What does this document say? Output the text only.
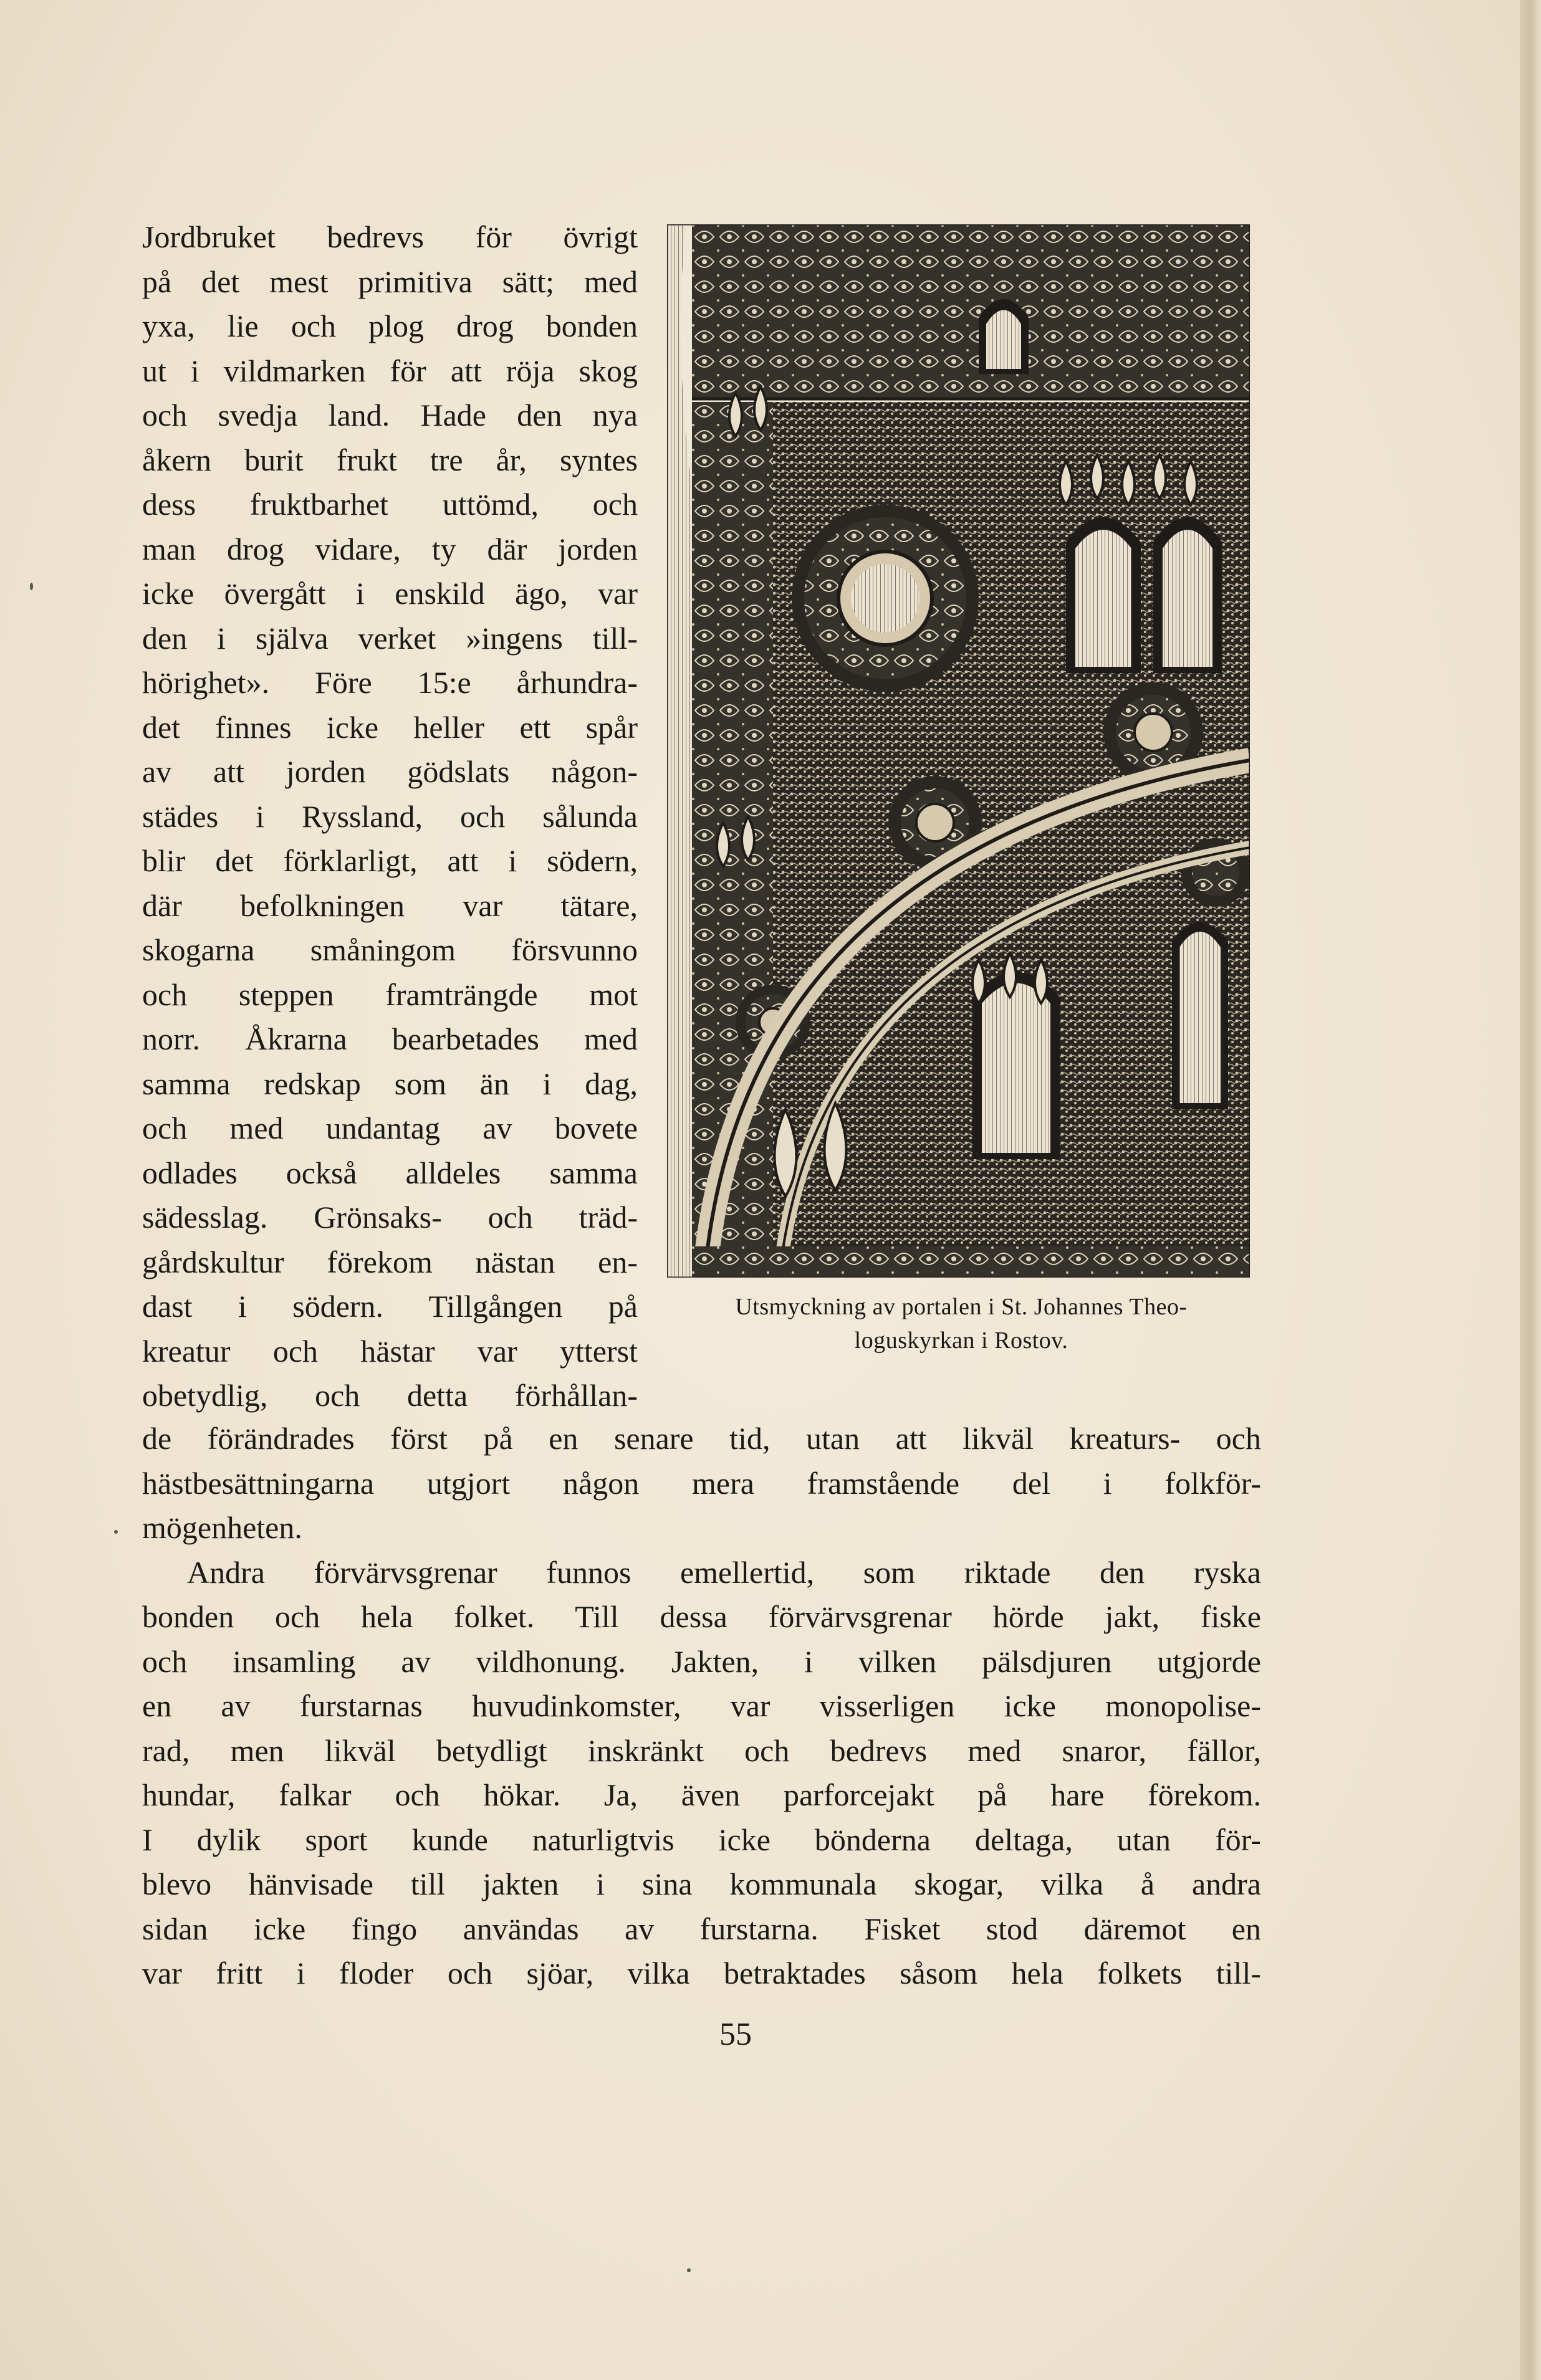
Jordbruket bedrevs för övrigt
på det mest primitiva sätt; med
yxa, lie och plog drog bonden
ut i vildmarken för att röja skog
och svedja land. Hade den nya
åkern burit frukt tre år, syntes
dess fruktbarhet uttömd, och
man drog vidare, ty där jorden
icke övergått i enskild ägo, var
den i själva verket »ingens till-
hörighet». Före 15:e århundra-
det finnes icke heller ett spår
av att jorden gödslats någon-
städes i Ryssland, och sålunda
blir det förklarligt, att i södern,
där befolkningen var tätare,
skogarna småningom försvunno
och steppen framträngde mot
norr. Åkrarna bearbetades med
samma redskap som än i dag,
och med undantag av bovete
odlades också alldeles samma
sädesslag. Grönsaks- och träd-
gårdskultur förekom nästan en-
dast i södern. Tillgången på
kreatur och hästar var ytterst
obetydlig, och detta förhållan-
Utsmyckning av portalen i St. Johannes Theo-
loguskyrkan i Rostov.
de förändrades först på en senare tid, utan att likväl kreaturs- och
hästbesättningarna utgjort någon mera framstående del i folkför-
mögenheten.
Andra förvärvsgrenar funnos emellertid, som riktade den ryska
bonden och hela folket. Till dessa förvärvsgrenar hörde jakt, fiske
och insamling av vildhonung. Jakten, i vilken pälsdjuren utgjorde
en av furstarnas huvudinkomster, var visserligen icke monopolise-
rad, men likväl betydligt inskränkt och bedrevs med snaror, fällor,
hundar, falkar och hökar. Ja, även parforcejakt på hare förekom.
I dylik sport kunde naturligtvis icke bönderna deltaga, utan för-
blevo hänvisade till jakten i sina kommunala skogar, vilka å andra
sidan icke fingo användas av furstarna. Fisket stod däremot en
var fritt i floder och sjöar, vilka betraktades såsom hela folkets till-
55
